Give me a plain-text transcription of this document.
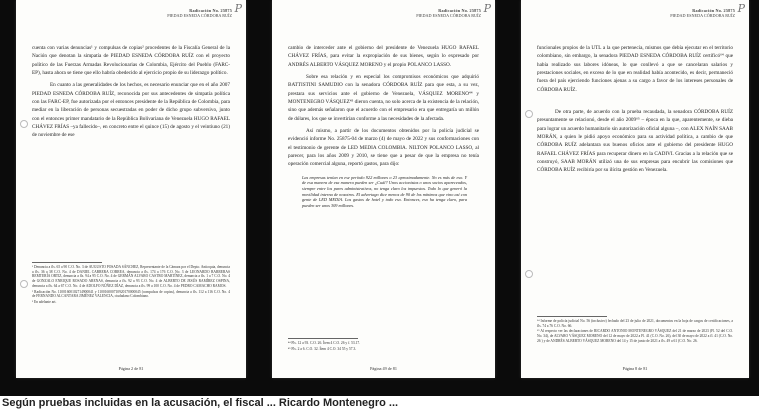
Radicación No. 25875
PIEDAD ESNEDA CÓRDOBA RUÍZ
P

cuenta con varias denuncias¹ y compulsas de copias² procedentes de la Fiscalía General de la Nación que denotan la simpatía de PIEDAD ESNEDA CÓRDOBA RUÍZ con el proyecto político de las Fuerzas Armadas Revolucionarias de Colombia, Ejército del Pueblo (FARC-EP), hasta ahora se tiene que ello habría obedecido al ejercicio propio de su liderazgo político.

En cuanto a las generalidades de los hechos, es necesario enunciar que en el año 2007 PIEDAD ESNEDA CÓRDOBA RUÍZ, reconocida por sus antecedentes de simpatía política con las FARC-EP, fue autorizada por el entonces presidente de la República de Colombia, para mediar en la liberación de personas secuestradas en poder de dicho grupo subversivo, junto con el entonces primer mandatario de la República Bolivariana de Venezuela HUGO RAFAEL CHÁVEZ FRÍAS –ya fallecido–, en concreto entre el quince (15) de agosto y el veintiuno (21) de noviembre de ese

¹ Denuncia a fls. 65 a 90 C.O. No. 3 de AUGUSTO POSADA SÁNCHEZ, Representante de la Cámara por el Depto. Antioquia, denuncia a fls. 36 a 38 C.O. No. 4 de DANIEL CABRERA CORREA, denuncia a fls. 174 a 176 C.O. No. 3 de LEONARDO BARRERAS REMTERÍA ORTIZ, denuncia a fls. 94 a 95 C.O. No. 4 de GERMÁN ALVARO CASTRO MARTÍNEZ, denuncia a fls. 1 a 7 C.O. No. 4 de GONZALO ENRIQUE ROSADO ARENAS, denuncia a fls. 92 a 93 C.O. No. 4 de ALBERTO DE JESÚS RAMÍREZ OSPINA, denuncia a fls. 64 a 67 C.O. No. 4 de ADOLFO NÚÑEZ DÍAZ, denuncia a fls. 99 a 100 C.O. No. 4 de PEDRO CAMACHO RAMOS.

² Radicación No. 11001600102714900041 y 110016000710920170000045 (compulsas de copias), denuncia a fls. 112 a 116 C.O. No. 4 de FERNANDO ALCANTARA JIMÉNEZ VALENCIA, ciudadano Colombiano.

³ En adelante art.

Página 2 de 81
Radicación No. 25875
PIEDAD ESNEDA CÓRDOBA RUÍZ
P

cambio de interceder ante el gobierno del presidente de Venezuela HUGO RAFAEL CHÁVEZ FRÍAS, para evitar la expropiación de sus bienes, según lo expresado por ANDRÉS ALBERTO VÁSQUEZ MORENO y el propio POLANCO LASSO.

Sobre esa relación y en especial los compromisos económicos que adquirió BATTISTINI SAMUDIO con la senadora CÓRDOBA RUÍZ para que esta, a su vez, prestara sus servicios ante el gobierno de Venezuela, VÁSQUEZ MORENO⁴⁴ y MONTENEGRO VÁSQUEZ⁴⁵ dieron cuenta, no solo acerca de la existencia de la relación, sino que además señalaron que el acuerdo con el empresario era que entregaría un millón de dólares, los que se invertirían conforme a las necesidades de la afectada.

Así mismo, a partir de los documentos obtenidos por la policía judicial se evidenció informe No. 25875-04 de marzo (4) de mayo de 2022 y sus conformaciones con el testimonio de gerente de LED MEDIA COLOMBIA. NILTON POLANCO LASSO, al parecer, para los años 2009 y 2010, se tiene que a pesar de que la empresa no tenía operación comercial alguna, reportó gastos, para dijo:

Las empresas tenían en ese período 922 millones o 23 aproximadamente. No es más de eso. Y de esa manera de esa manera pueden ser ¿Cuál? Unos accionistas o unos socios apareceados, siempre entre los pares administrativos, no tenga claro los impuestos. Todo lo que generó la movilidad interna de nosotros. El advertago dice menos de 90 de los mínimos que vino así con gente de LED MEDIA. Los gastos de hotel y todo eso. Entonces, eso ha tenga claro, para pueden ser unos 309 millones.

⁴⁴ Fls. 12 a 93. C.O. 26. Ítem 4 C.O. 26 y f. 53.17.

⁴⁵ Fls. 2 a 6. C.O. 32. Ítem 4 C.O. 34 55 y 57.3.

Página 49 de 81
Radicación No. 25875
PIEDAD ESNEDA CÓRDOBA RUÍZ
P

funcionales propios de la UTL a la que pertenecía, mismos que debía ejecutar en el territorio colombiano, sin embargo, la senadora PIEDAD ESNEDA CÓRDOBA RUÍZ certificó⁶⁴ que había realizado sus labores idóneas, lo que conllevó a que se cancelaran salarios y prestaciones sociales, en exceso de lo que en realidad había acontecido, es decir, permaneció fuera del país ejerciendo funciones ajenas a su cargo a favor de los intereses personales de CÓRDOBA RUÍZ.

De otra parte, de acuerdo con la prueba recaudada, la senadora CÓRDOBA RUÍZ presuntamente se relacionó, desde el año 2009⁶⁵ – época en la que, aparentemente, se dieba para lograr un acuerdo humanitario sin autorización oficial alguna –, con ALEX NAÍN SAAB MORÁN, a quien le pidió apoyo económico para su actividad política, a cambio de que CÓRDOBA RUÍZ adelantara sus buenos oficios ante el gobierno del presidente HUGO RAFAEL CHÁVEZ FRÍAS para recuperar dinero en la CADIVI. Gracias a la relación que se construyó, SAAB MORÁN utilizó una de sus empresas para encubrir las comisiones que CÓRDOBA RUÍZ recibiría por su ilícita gestión en Venezuela.

⁶⁴ Informe de policía judicial No. 56 (inclusivo) fechado del 23 de julio de 2021, documentos en la hoja de cargos de certificaciones, a fls. 74 a 76 C.O. No. 66.

⁶⁵ Al respecto ver las declaraciones de RICARDO ANTONIO MONTENEGRO VÁSQUEZ del 21 de marzo de 2023 (Fl. 52 del C.O. No. 34), de ALVARO VÁSQUEZ MORENO del 12 de mayo de 2022 a Fl. 41 (C.O. No. 26), del 30 de mayo de 2022 a fl. 41 (C.O. No. 26 ) y de ANDRÉS ALBERTO VÁSQUEZ MORENO del 14 y 15 de junio de 2021 a fls. 49 a 61 (C.O. No. 26.

Página 8 de 81
Según pruebas incluidas en la acusación, el fiscal ... Ricardo Montenegro ...
